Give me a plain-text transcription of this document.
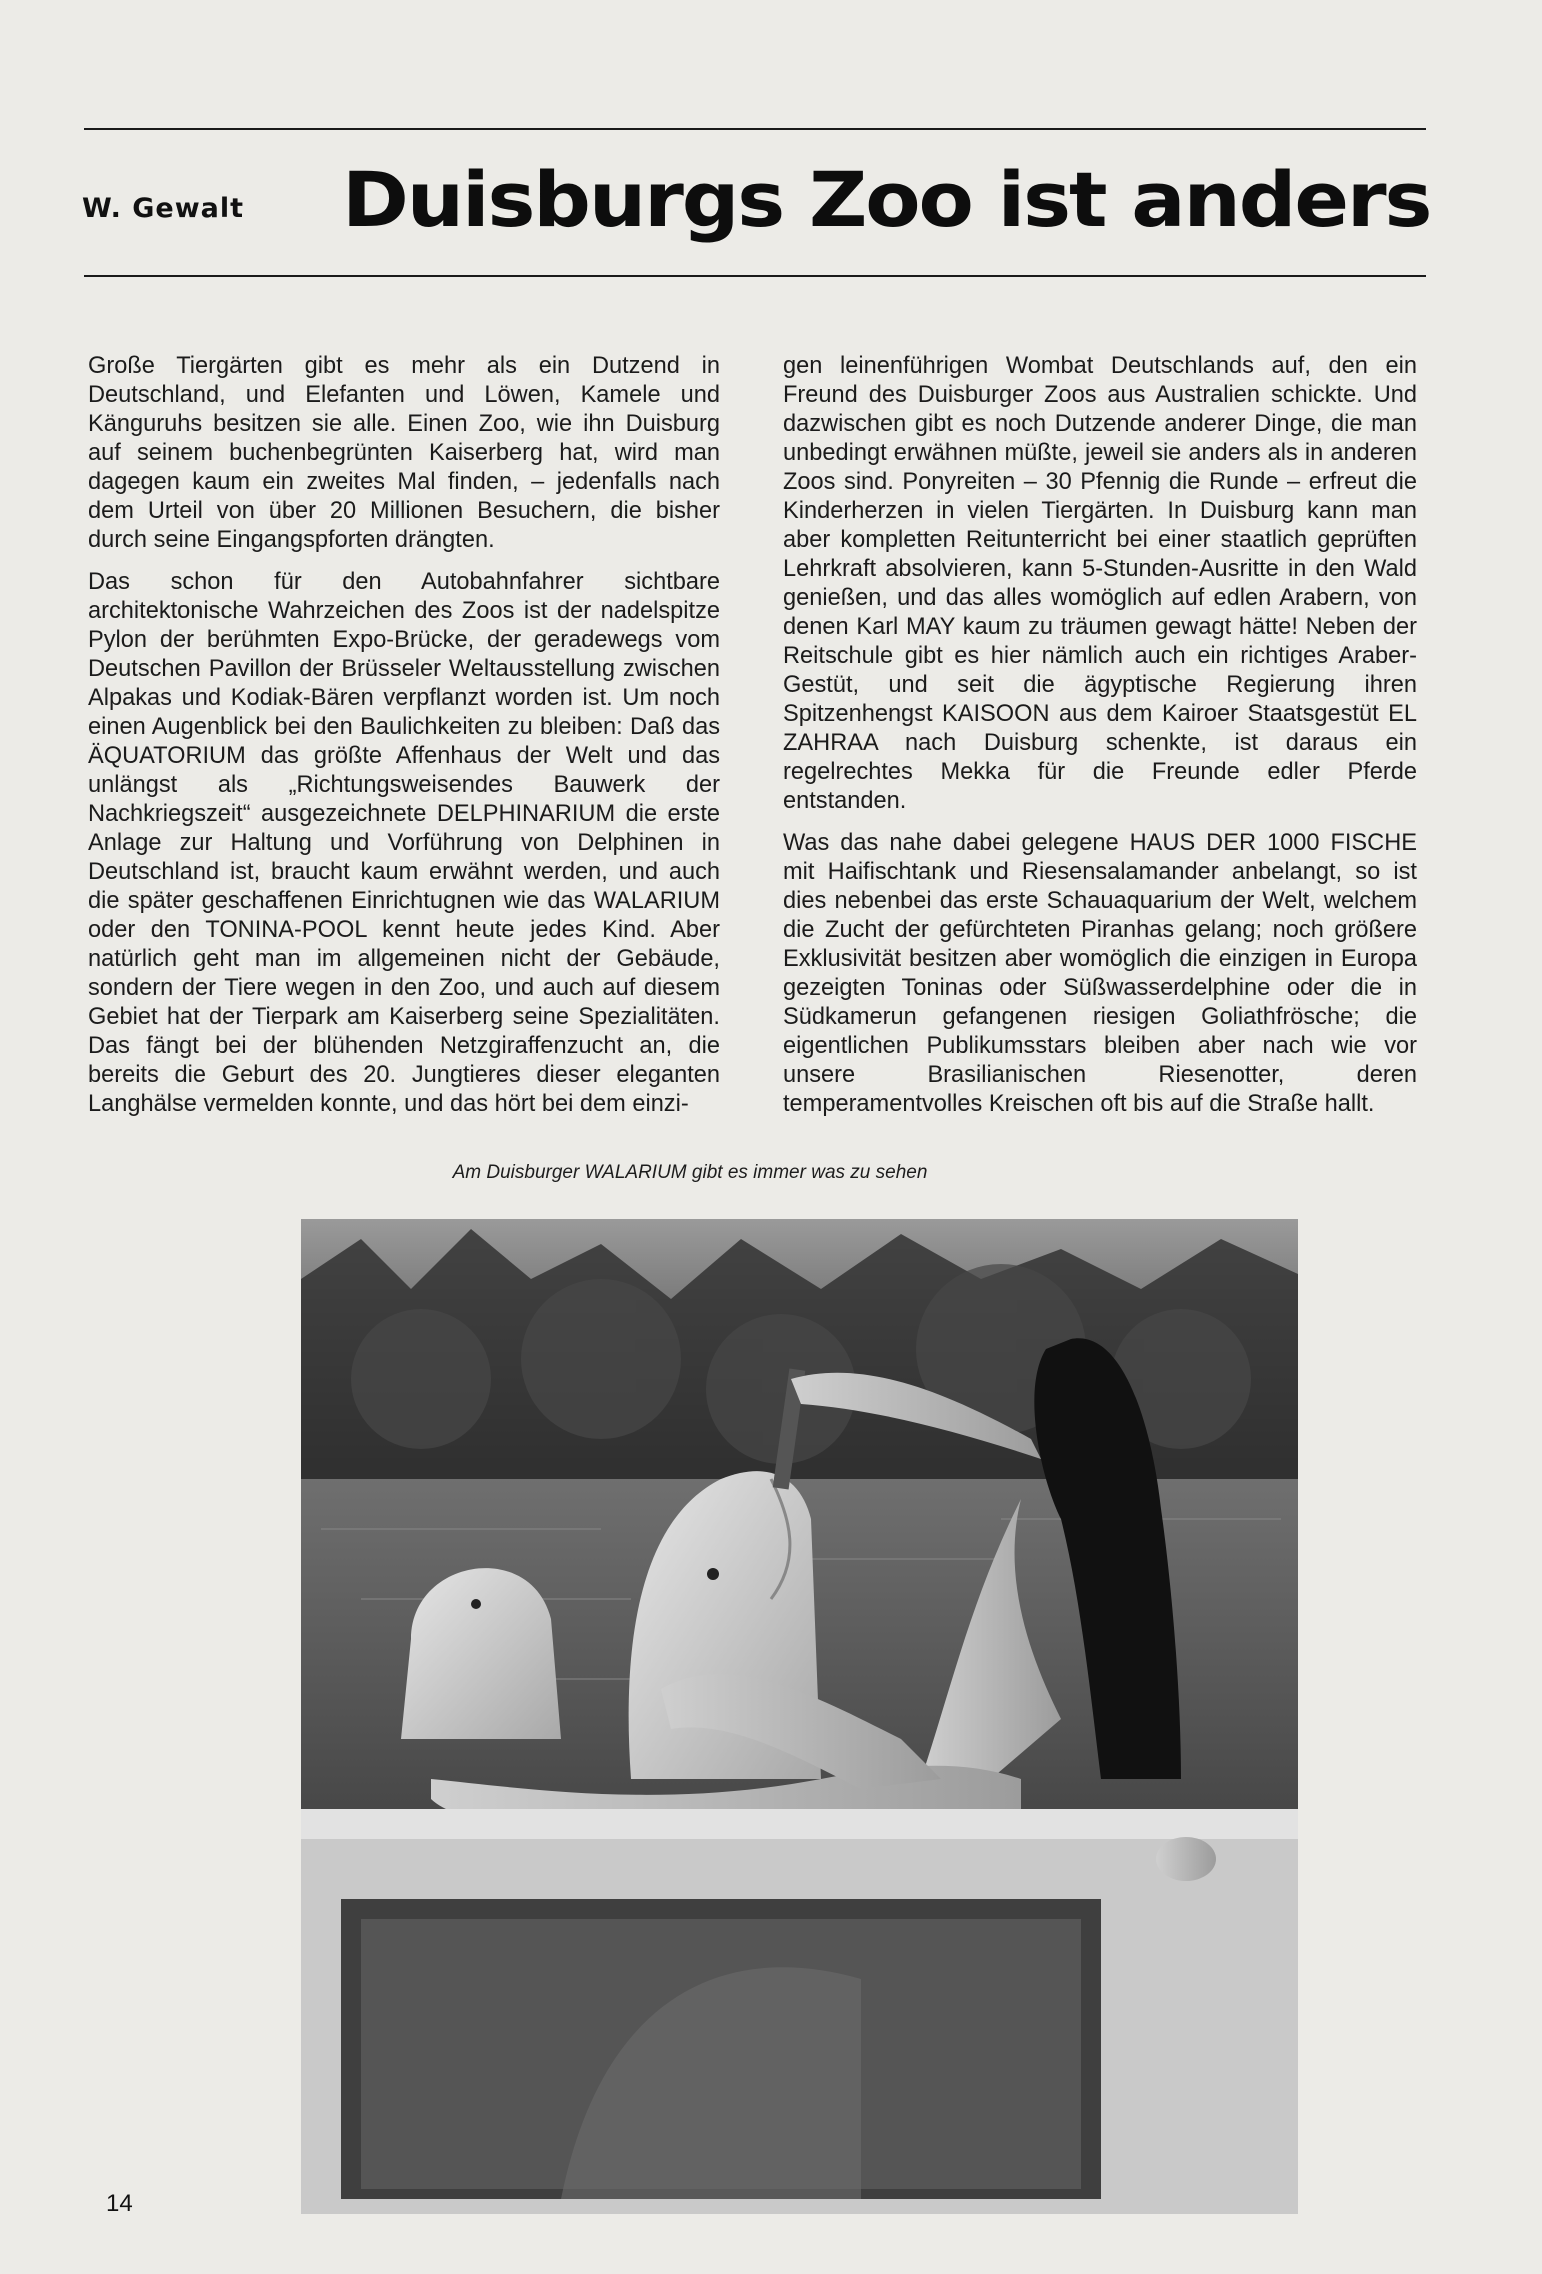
W. Gewalt Duisburgs Zoo ist anders

Große Tiergärten gibt es mehr als ein Dutzend in Deutschland, und Elefanten und Löwen, Kamele und Känguruhs besitzen sie alle. Einen Zoo, wie ihn Duisburg auf seinem buchenbegrünten Kaiserberg hat, wird man dagegen kaum ein zweites Mal finden, – jedenfalls nach dem Urteil von über 20 Millionen Besuchern, die bisher durch seine Eingangspforten drängten.

Das schon für den Autobahnfahrer sichtbare architektonische Wahrzeichen des Zoos ist der nadelspitze Pylon der berühmten Expo-Brücke, der geradewegs vom Deutschen Pavillon der Brüsseler Weltausstellung zwischen Alpakas und Kodiak-Bären verpflanzt worden ist. Um noch einen Augenblick bei den Baulichkeiten zu bleiben: Daß das ÄQUATORIUM das größte Affenhaus der Welt und das unlängst als „Richtungsweisendes Bauwerk der Nachkriegszeit“ ausgezeichnete DELPHINARIUM die erste Anlage zur Haltung und Vorführung von Delphinen in Deutschland ist, braucht kaum erwähnt werden, und auch die später geschaffenen Einrichtugnen wie das WALARIUM oder den TONINA-POOL kennt heute jedes Kind. Aber natürlich geht man im allgemeinen nicht der Gebäude, sondern der Tiere wegen in den Zoo, und auch auf diesem Gebiet hat der Tierpark am Kaiserberg seine Spezialitäten. Das fängt bei der blühenden Netzgiraffenzucht an, die bereits die Geburt des 20. Jungtieres dieser eleganten Langhälse vermelden konnte, und das hört bei dem einzi-

gen leinenführigen Wombat Deutschlands auf, den ein Freund des Duisburger Zoos aus Australien schickte. Und dazwischen gibt es noch Dutzende anderer Dinge, die man unbedingt erwähnen müßte, jeweil sie anders als in anderen Zoos sind. Ponyreiten – 30 Pfennig die Runde – erfreut die Kinderherzen in vielen Tiergärten. In Duisburg kann man aber kompletten Reitunterricht bei einer staatlich geprüften Lehrkraft absolvieren, kann 5-Stunden-Ausritte in den Wald genießen, und das alles womöglich auf edlen Arabern, von denen Karl MAY kaum zu träumen gewagt hätte! Neben der Reitschule gibt es hier nämlich auch ein richtiges Araber-Gestüt, und seit die ägyptische Regierung ihren Spitzenhengst KAISOON aus dem Kairoer Staatsgestüt EL ZAHRAA nach Duisburg schenkte, ist daraus ein regelrechtes Mekka für die Freunde edler Pferde entstanden.

Was das nahe dabei gelegene HAUS DER 1000 FISCHE mit Haifischtank und Riesensalamander anbelangt, so ist dies nebenbei das erste Schauaquarium der Welt, welchem die Zucht der gefürchteten Piranhas gelang; noch größere Exklusivität besitzen aber womöglich die einzigen in Europa gezeigten Toninas oder Süßwasserdelphine oder die in Südkamerun gefangenen riesigen Goliathfrösche; die eigentlichen Publikumsstars bleiben aber nach wie vor unsere Brasilianischen Riesenotter, deren temperamentvolles Kreischen oft bis auf die Straße hallt.

Am Duisburger WALARIUM gibt es immer was zu sehen
14
